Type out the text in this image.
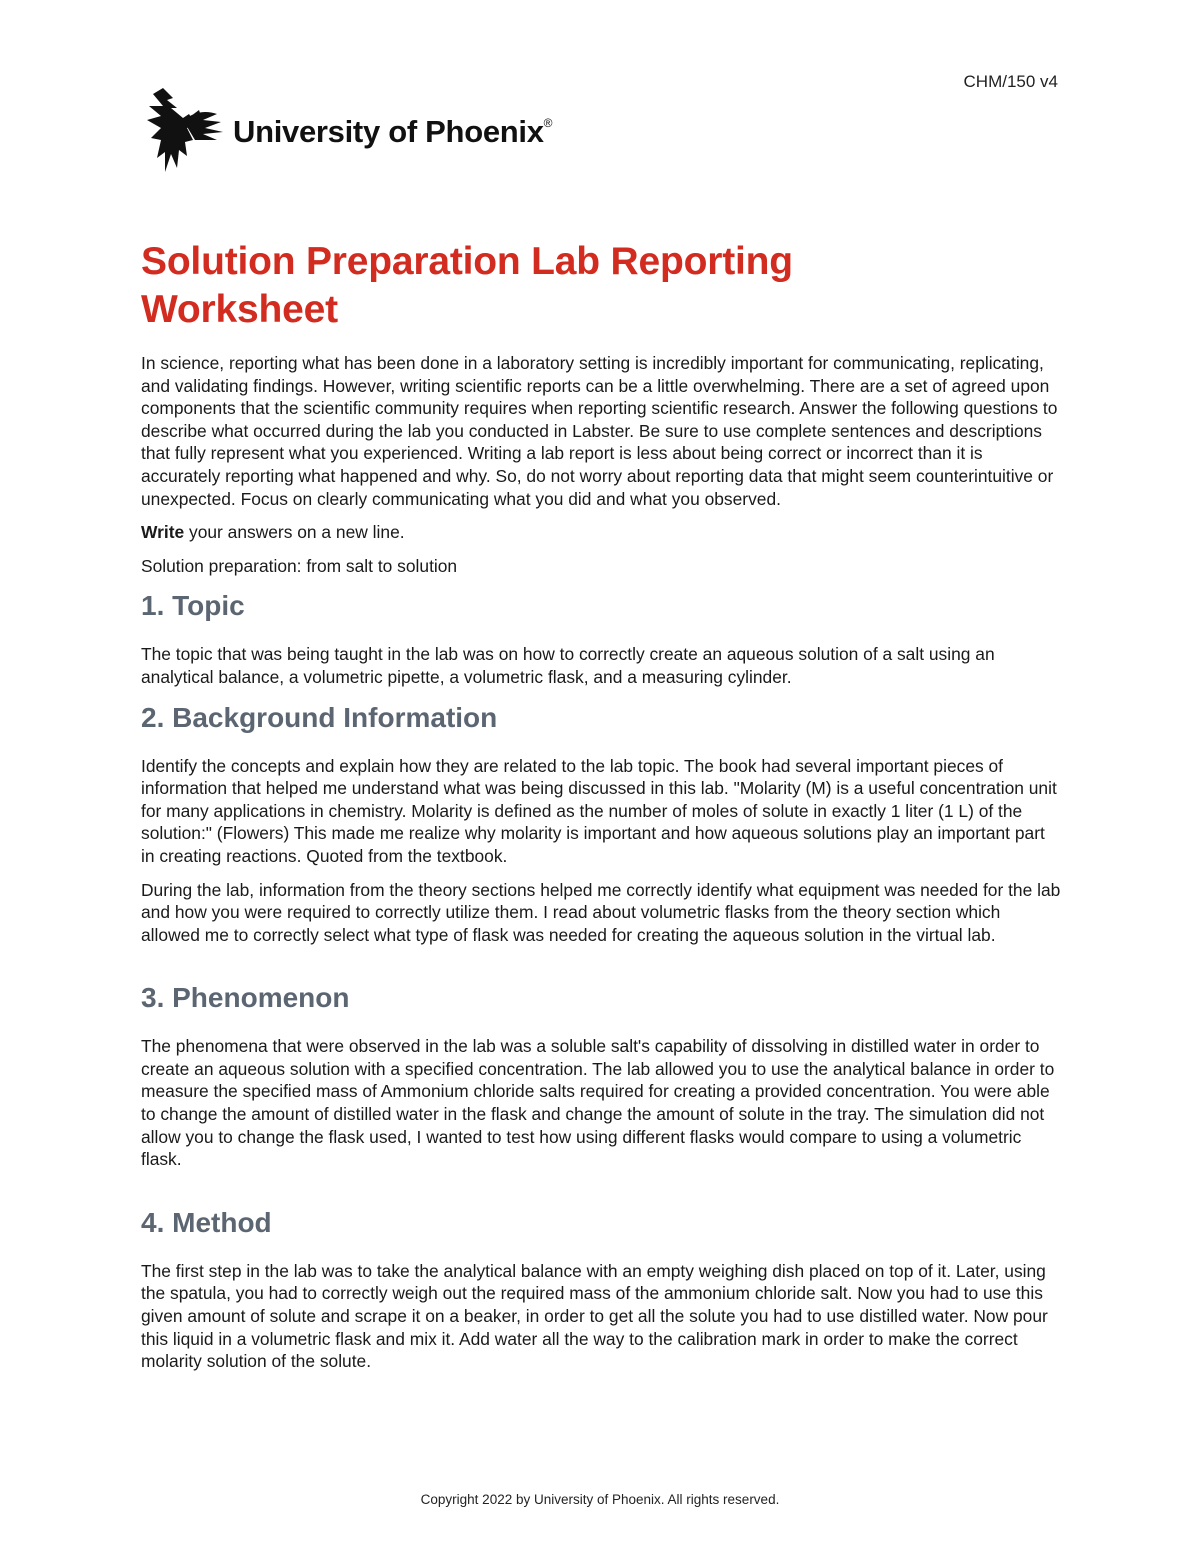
CHM/150 v4
University of Phoenix®
Solution Preparation Lab Reporting
Worksheet

In science, reporting what has been done in a laboratory setting is incredibly important for communicating, replicating, and validating findings. However, writing scientific reports can be a little overwhelming. There are a set of agreed upon components that the scientific community requires when reporting scientific research. Answer the following questions to describe what occurred during the lab you conducted in Labster. Be sure to use complete sentences and descriptions that fully represent what you experienced. Writing a lab report is less about being correct or incorrect than it is accurately reporting what happened and why. So, do not worry about reporting data that might seem counterintuitive or unexpected. Focus on clearly communicating what you did and what you observed.

Write your answers on a new line.

Solution preparation: from salt to solution

1. Topic

The topic that was being taught in the lab was on how to correctly create an aqueous solution of a salt using an analytical balance, a volumetric pipette, a volumetric flask, and a measuring cylinder.

2. Background Information

Identify the concepts and explain how they are related to the lab topic. The book had several important pieces of information that helped me understand what was being discussed in this lab. "Molarity (M) is a useful concentration unit for many applications in chemistry. Molarity is defined as the number of moles of solute in exactly 1 liter (1 L) of the solution:" (Flowers) This made me realize why molarity is important and how aqueous solutions play an important part in creating reactions. Quoted from the textbook.

During the lab, information from the theory sections helped me correctly identify what equipment was needed for the lab and how you were required to correctly utilize them. I read about volumetric flasks from the theory section which allowed me to correctly select what type of flask was needed for creating the aqueous solution in the virtual lab.

3. Phenomenon

The phenomena that were observed in the lab was a soluble salt's capability of dissolving in distilled water in order to create an aqueous solution with a specified concentration. The lab allowed you to use the analytical balance in order to measure the specified mass of Ammonium chloride salts required for creating a provided concentration. You were able to change the amount of distilled water in the flask and change the amount of solute in the tray. The simulation did not allow you to change the flask used, I wanted to test how using different flasks would compare to using a volumetric flask.

4. Method

The first step in the lab was to take the analytical balance with an empty weighing dish placed on top of it. Later, using the spatula, you had to correctly weigh out the required mass of the ammonium chloride salt. Now you had to use this given amount of solute and scrape it on a beaker, in order to get all the solute you had to use distilled water. Now pour this liquid in a volumetric flask and mix it. Add water all the way to the calibration mark in order to make the correct molarity solution of the solute.

Copyright 2022 by University of Phoenix. All rights reserved.
